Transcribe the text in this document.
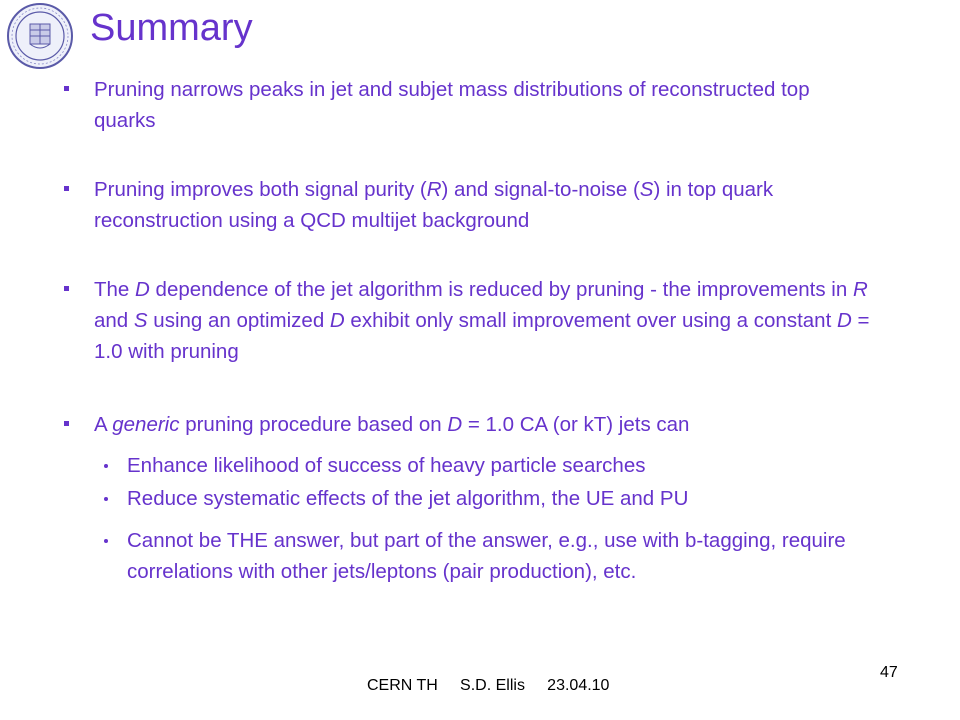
Summary
Pruning narrows peaks in jet and subjet mass distributions of reconstructed top quarks
Pruning improves both signal purity (R) and signal-to-noise (S) in top quark reconstruction using a QCD multijet background
The D dependence of the jet algorithm is reduced by pruning - the improvements in R and S using an optimized D exhibit only small improvement over using a constant D = 1.0 with pruning
A generic pruning procedure based on D = 1.0 CA (or kT) jets can
Enhance likelihood of success of heavy particle searches
Reduce systematic effects of the jet algorithm, the UE and PU
Cannot be THE answer, but part of the answer, e.g., use with b-tagging, require correlations with other jets/leptons (pair production), etc.
CERN TH     S.D. Ellis     23.04.10
47
